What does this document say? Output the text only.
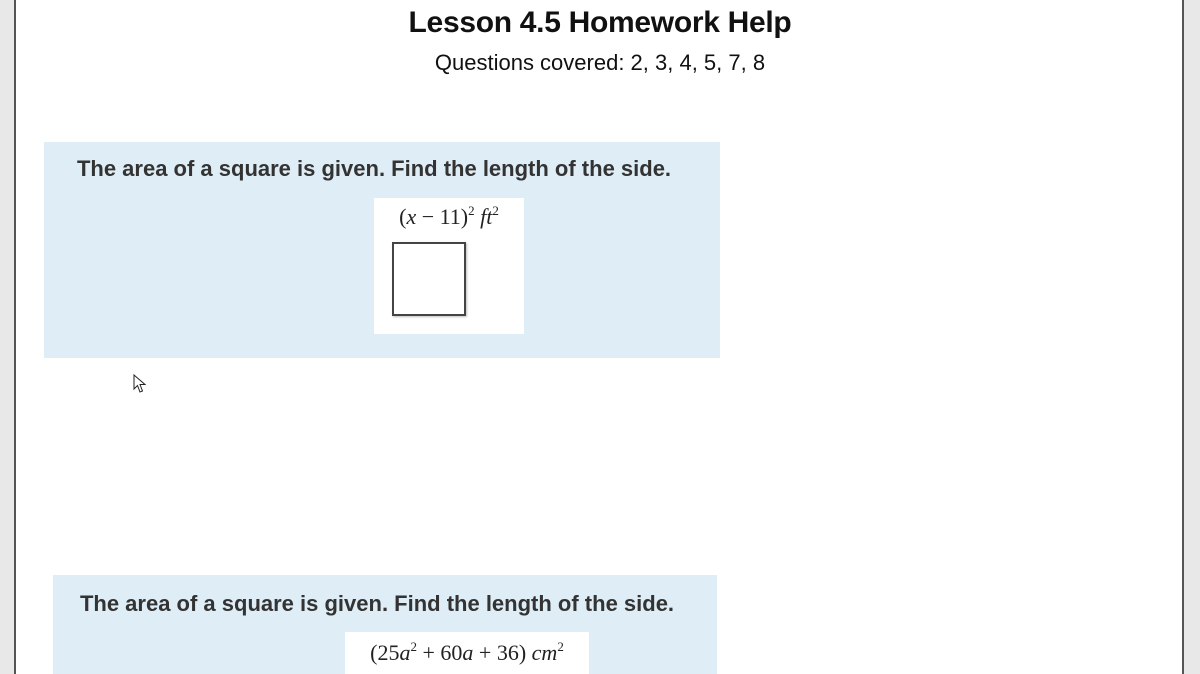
Lesson 4.5 Homework Help
Questions covered: 2, 3, 4, 5, 7, 8
The area of a square is given. Find the length of the side.
$(x - 11)^2$ $ft^2$
The area of a square is given. Find the length of the side.
$(25a^2 + 60a + 36)$ $cm^2$
